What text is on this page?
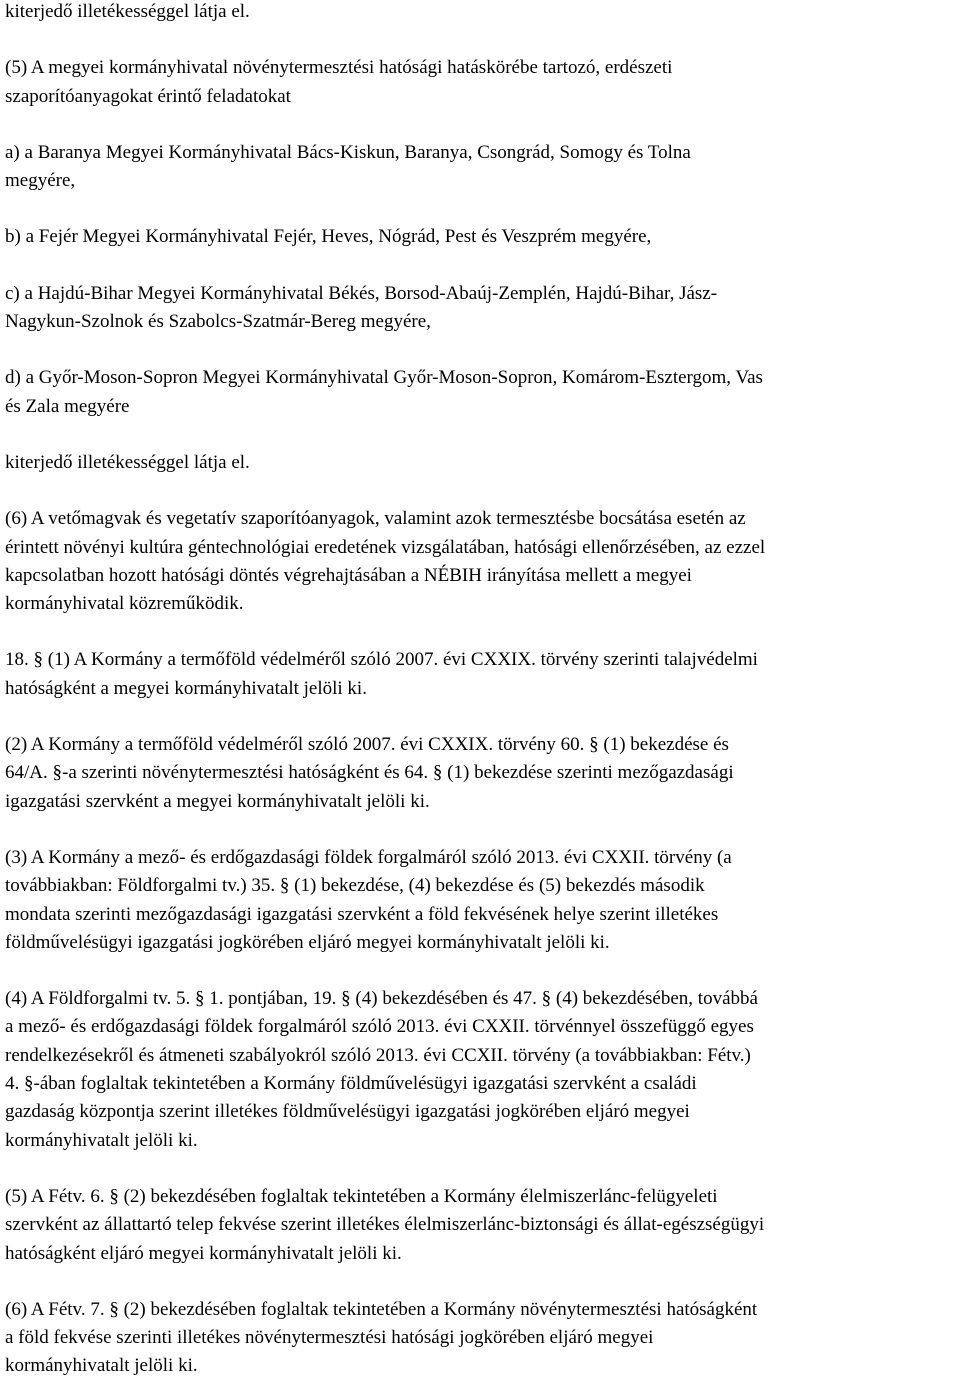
kiterjedő illetékességgel látja el.

(5) A megyei kormányhivatal növénytermesztési hatósági hatáskörébe tartozó, erdészeti
szaporítóanyagokat érintő feladatokat

a) a Baranya Megyei Kormányhivatal Bács-Kiskun, Baranya, Csongrád, Somogy és Tolna
megyére,

b) a Fejér Megyei Kormányhivatal Fejér, Heves, Nógrád, Pest és Veszprém megyére,

c) a Hajdú-Bihar Megyei Kormányhivatal Békés, Borsod-Abaúj-Zemplén, Hajdú-Bihar, Jász-
Nagykun-Szolnok és Szabolcs-Szatmár-Bereg megyére,

d) a Győr-Moson-Sopron Megyei Kormányhivatal Győr-Moson-Sopron, Komárom-Esztergom, Vas
és Zala megyére

kiterjedő illetékességgel látja el.

(6) A vetőmagvak és vegetatív szaporítóanyagok, valamint azok termesztésbe bocsátása esetén az
érintett növényi kultúra géntechnológiai eredetének vizsgálatában, hatósági ellenőrzésében, az ezzel
kapcsolatban hozott hatósági döntés végrehajtásában a NÉBIH irányítása mellett a megyei
kormányhivatal közreműködik.

18. § (1) A Kormány a termőföld védelméről szóló 2007. évi CXXIX. törvény szerinti talajvédelmi
hatóságként a megyei kormányhivatalt jelöli ki.

(2) A Kormány a termőföld védelméről szóló 2007. évi CXXIX. törvény 60. § (1) bekezdése és
64/A. §-a szerinti növénytermesztési hatóságként és 64. § (1) bekezdése szerinti mezőgazdasági
igazgatási szervként a megyei kormányhivatalt jelöli ki.

(3) A Kormány a mező- és erdőgazdasági földek forgalmáról szóló 2013. évi CXXII. törvény (a
továbbiakban: Földforgalmi tv.) 35. § (1) bekezdése, (4) bekezdése és (5) bekezdés második
mondata szerinti mezőgazdasági igazgatási szervként a föld fekvésének helye szerint illetékes
földművelésügyi igazgatási jogkörében eljáró megyei kormányhivatalt jelöli ki.

(4) A Földforgalmi tv. 5. § 1. pontjában, 19. § (4) bekezdésében és 47. § (4) bekezdésében, továbbá
a mező- és erdőgazdasági földek forgalmáról szóló 2013. évi CXXII. törvénnyel összefüggő egyes
rendelkezésekről és átmeneti szabályokról szóló 2013. évi CCXII. törvény (a továbbiakban: Fétv.)
4. §-ában foglaltak tekintetében a Kormány földművelésügyi igazgatási szervként a családi
gazdaság központja szerint illetékes földművelésügyi igazgatási jogkörében eljáró megyei
kormányhivatalt jelöli ki.

(5) A Fétv. 6. § (2) bekezdésében foglaltak tekintetében a Kormány élelmiszerlánc-felügyeleti
szervként az állattartó telep fekvése szerint illetékes élelmiszerlánc-biztonsági és állat-egészségügyi
hatóságként eljáró megyei kormányhivatalt jelöli ki.

(6) A Fétv. 7. § (2) bekezdésében foglaltak tekintetében a Kormány növénytermesztési hatóságként
a föld fekvése szerinti illetékes növénytermesztési hatósági jogkörében eljáró megyei
kormányhivatalt jelöli ki.
